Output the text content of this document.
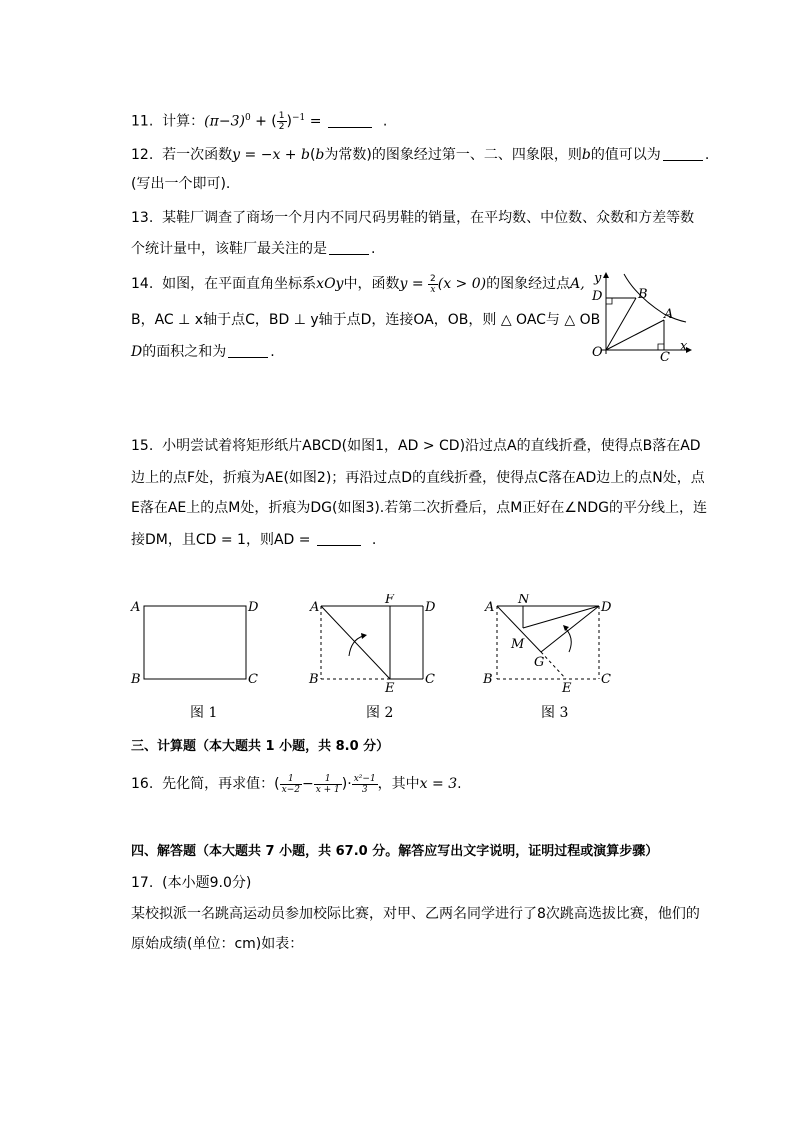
11. 计算：$(\pi-3)^0$ + ( $\frac{1}{2} )^{-1}$ =	.
12. 若一次函数y = −x + b(b为常数)的图象经过第一、二、四象限，则b的值可以为	.
(写出一个即可).
13. 某鞋厂调查了商场一个月内不同尺码男鞋的销量，在平均数、中位数、众数和方差等数
个统计量中，该鞋厂最关注的是	.
14. 如图，在平面直角坐标系xOy中，函数$y = \frac{2}{x} (x > 0)$的图象经过点A,
B，AC ⊥ x轴于点C，BD ⊥ y轴于点D，连接OA，OB，则 △ OAC与 △ OB
D的面积之和为	.
y
x
O
D	B
A
C
15. 小明尝试着将矩形纸片ABCD(如图1，AD > CD)沿过点A的直线折叠，使得点B落在AD
边上的点F处，折痕为AE(如图2)；再沿过点D的直线折叠，使得点C落在AD边上的点N处，点
E落在AE上的点M处，折痕为DG(如图3).若第二次折叠后，点M正好在∠NDG的平分线上，连
接DM，且CD = 1，则AD =	.
A	D
B	C
A
F
D
B
E
C
A
N
D
M
G
B
E
C
图 1	图 2	图 3
三、计算题（本大题共 1 小题，共 8.0 分）
16. 先化简，再求值：( $\frac{1}{x-2} - \frac{1}{x + 1}$ )· $\frac{\text{x²−1}}{3}$ ，其中x = 3.
四、解答题（本大题共 7 小题，共 67.0 分。解答应写出文字说明，证明过程或演算步骤）
17. (本小题9.0分)
某校拟派一名跳高运动员参加校际比赛，对甲、乙两名同学进行了8次跳高选拔比赛，他们的
原始成绩(单位：cm)如表：
